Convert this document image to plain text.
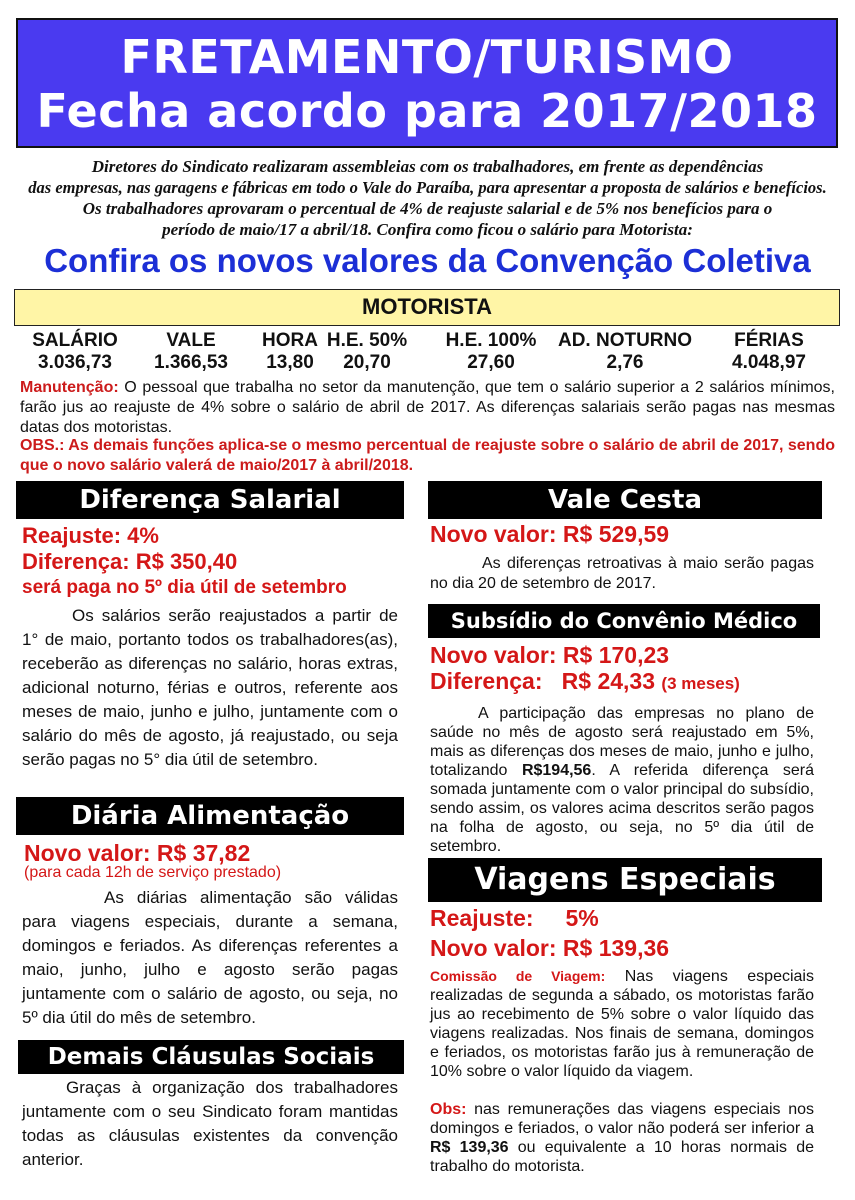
FRETAMENTO/TURISMO
Fecha acordo para 2017/2018
Diretores do Sindicato realizaram assembleias com os trabalhadores, em frente as dependências
das empresas, nas garagens e fábricas em todo o Vale do Paraíba, para apresentar a proposta de salários e benefícios.
Os trabalhadores aprovaram o percentual de 4% de reajuste salarial e de 5% nos benefícios para o
período de maio/17 a abril/18. Confira como ficou o salário para Motorista:
Confira os novos valores da Convenção Coletiva
MOTORISTA
SALÁRIO
3.036,73
VALE
1.366,53
HORA
13,80
H.E. 50%
20,70
H.E. 100%
27,60
AD. NOTURNO
2,76
FÉRIAS
4.048,97
Manutenção: O pessoal que trabalha no setor da manutenção, que tem o salário superior a 2 salários mínimos, farão jus ao reajuste de 4% sobre o salário de abril de 2017. As diferenças salariais serão pagas nas mesmas datas dos motoristas.
OBS.: As demais funções aplica-se o mesmo percentual de reajuste sobre o salário de abril de 2017, sendo que o novo salário valerá de maio/2017 à abril/2018.
Diferença Salarial
Reajuste: 4%
Diferença: R$ 350,40
será paga no 5º dia útil de setembro
Os salários serão reajustados a partir de 1° de maio, portanto todos os trabalhadores(as), receberão as diferenças no salário, horas extras, adicional noturno, férias e outros, referente aos meses de maio, junho e julho, juntamente com o salário do mês de agosto, já reajustado, ou seja serão pagas no 5° dia útil de setembro.
Diária Alimentação
Novo valor: R$ 37,82
(para cada 12h de serviço prestado)
As diárias alimentação são válidas para viagens especiais, durante a semana, domingos e feriados. As diferenças referentes a maio, junho, julho e agosto serão pagas juntamente com o salário de agosto, ou seja, no 5º dia útil do mês de setembro.
Demais Cláusulas Sociais
Graças à organização dos trabalhadores juntamente com o seu Sindicato foram mantidas todas as cláusulas existentes da convenção anterior.
Vale Cesta
Novo valor: R$ 529,59
As diferenças retroativas à maio serão pagas no dia 20 de setembro de 2017.
Subsídio do Convênio Médico
Novo valor: R$ 170,23
Diferença: R$ 24,33 (3 meses)
A participação das empresas no plano de saúde no mês de agosto será reajustado em 5%, mais as diferenças dos meses de maio, junho e julho, totalizando R$194,56. A referida diferença será somada juntamente com o valor principal do subsídio, sendo assim, os valores acima descritos serão pagos na folha de agosto, ou seja, no 5º dia útil de setembro.
Viagens Especiais
Reajuste:     5%
Novo valor: R$ 139,36
Comissão de Viagem: Nas viagens especiais realizadas de segunda a sábado, os motoristas farão jus ao recebimento de 5% sobre o valor líquido das viagens realizadas. Nos finais de semana, domingos e feriados, os motoristas farão jus à remuneração de 10% sobre o valor líquido da viagem.
Obs: nas remunerações das viagens especiais nos domingos e feriados, o valor não poderá ser inferior a R$ 139,36 ou equivalente a 10 horas normais de trabalho do motorista.
